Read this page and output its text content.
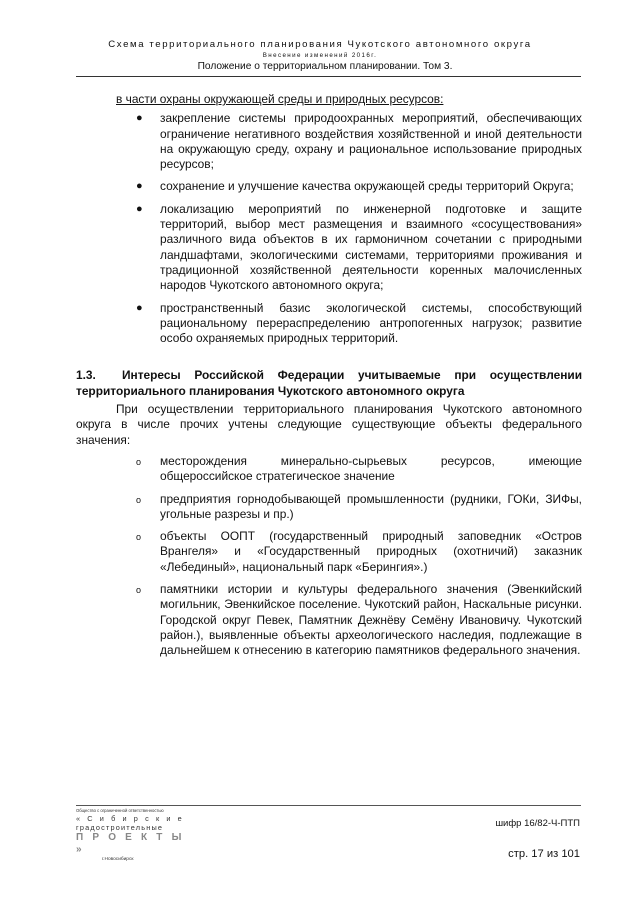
Схема территориального планирования Чукотского автономного округа
Внесение изменений 2016г.
Положение о территориальном планировании. Том 3.
в части охраны окружающей среды и природных ресурсов:
● закрепление системы природоохранных мероприятий, обеспечивающих ограничение негативного воздействия хозяйственной и иной деятельности на окружающую среду, охрану и рациональное использование природных ресурсов;
● сохранение и улучшение качества окружающей среды территорий Округа;
● локализацию мероприятий по инженерной подготовке и защите территорий, выбор мест размещения и взаимного «сосуществования» различного вида объектов в их гармоничном сочетании с природными ландшафтами, экологическими системами, территориями проживания и традиционной хозяйственной деятельности коренных малочисленных народов Чукотского автономного округа;
● пространственный базис экологической системы, способствующий рациональному перераспределению антропогенных нагрузок; развитие особо охраняемых природных территорий.
1.3. Интересы Российской Федерации учитываемые при осуществлении территориального планирования Чукотского автономного округа
При осуществлении территориального планирования Чукотского автономного округа в числе прочих учтены следующие существующие объекты федерального значения:
o месторождения минерально-сырьевых ресурсов, имеющие общероссийское стратегическое значение
o предприятия горнодобывающей промышленности (рудники, ГОКи, ЗИФы, угольные разрезы и пр.)
o объекты ООПТ (государственный природный заповедник «Остров Врангеля» и «Государственный природных (охотничий) заказник «Лебединый», национальный парк «Берингия».)
o памятники истории и культуры федерального значения (Эвенкийский могильник, Эвенкийское поселение. Чукотский район, Наскальные рисунки. Городской округ Певек, Памятник Дежнёву Семёну Ивановичу. Чукотский район.), выявленные объекты археологического наследия, подлежащие в дальнейшем к отнесению в категорию памятников федерального значения.
Общество с ограниченной ответственностью
« С и б и р с к и е
градостроительные
П Р О Е К Т Ы »
г.Новосибирск
шифр 16/82-Ч-ПТП
стр. 17 из 101
